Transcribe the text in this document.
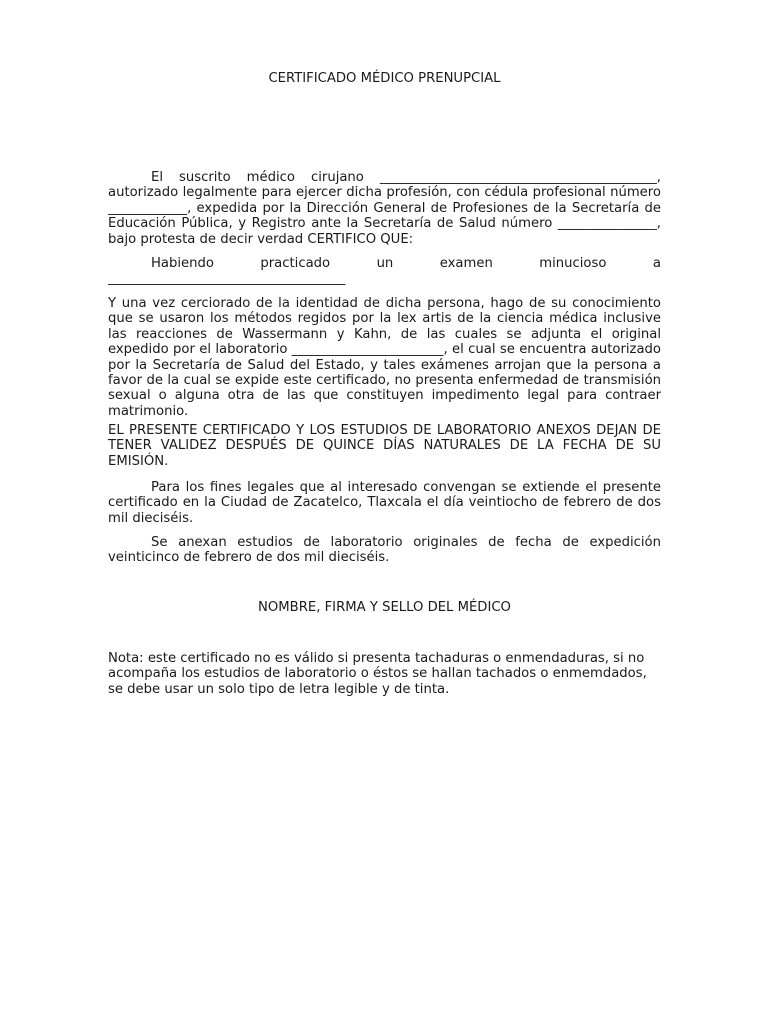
CERTIFICADO MÉDICO PRENUPCIAL

El suscrito médico cirujano __________________________________________, autorizado legalmente para ejercer dicha profesión, con cédula profesional número ____________, expedida por la Dirección General de Profesiones de la Secretaría de Educación Pública, y Registro ante la Secretaría de Salud número _______________, bajo protesta de decir verdad CERTIFICO QUE:

Habiendo	practicado	un	examen	minucioso	a
____________________________________

Y una vez cerciorado de la identidad de dicha persona, hago de su conocimiento que se usaron los métodos regidos por la lex artis de la ciencia médica inclusive las reacciones de Wassermann y Kahn, de las cuales se adjunta el original expedido por el laboratorio _______________________, el cual se encuentra autorizado por la Secretaría de Salud del Estado, y tales exámenes arrojan que la persona a favor de la cual se expide este certificado, no presenta enfermedad de transmisión sexual o alguna otra de las que constituyen impedimento legal para contraer matrimonio.

EL PRESENTE CERTIFICADO Y LOS ESTUDIOS DE LABORATORIO ANEXOS DEJAN DE TENER VALIDEZ DESPUÉS DE QUINCE DÍAS NATURALES DE LA FECHA DE SU EMISIÓN.

Para los fines legales que al interesado convengan se extiende el presente certificado en la Ciudad de Zacatelco, Tlaxcala el día veintiocho de febrero de dos mil dieciséis.

Se anexan estudios de laboratorio originales de fecha de expedición veinticinco de febrero de dos mil dieciséis.

NOMBRE, FIRMA Y SELLO DEL MÉDICO

Nota: este certificado no es válido si presenta tachaduras o enmendaduras, si no acompaña los estudios de laboratorio o éstos se hallan tachados o enmemdados, se debe usar un solo tipo de letra legible y de tinta.
